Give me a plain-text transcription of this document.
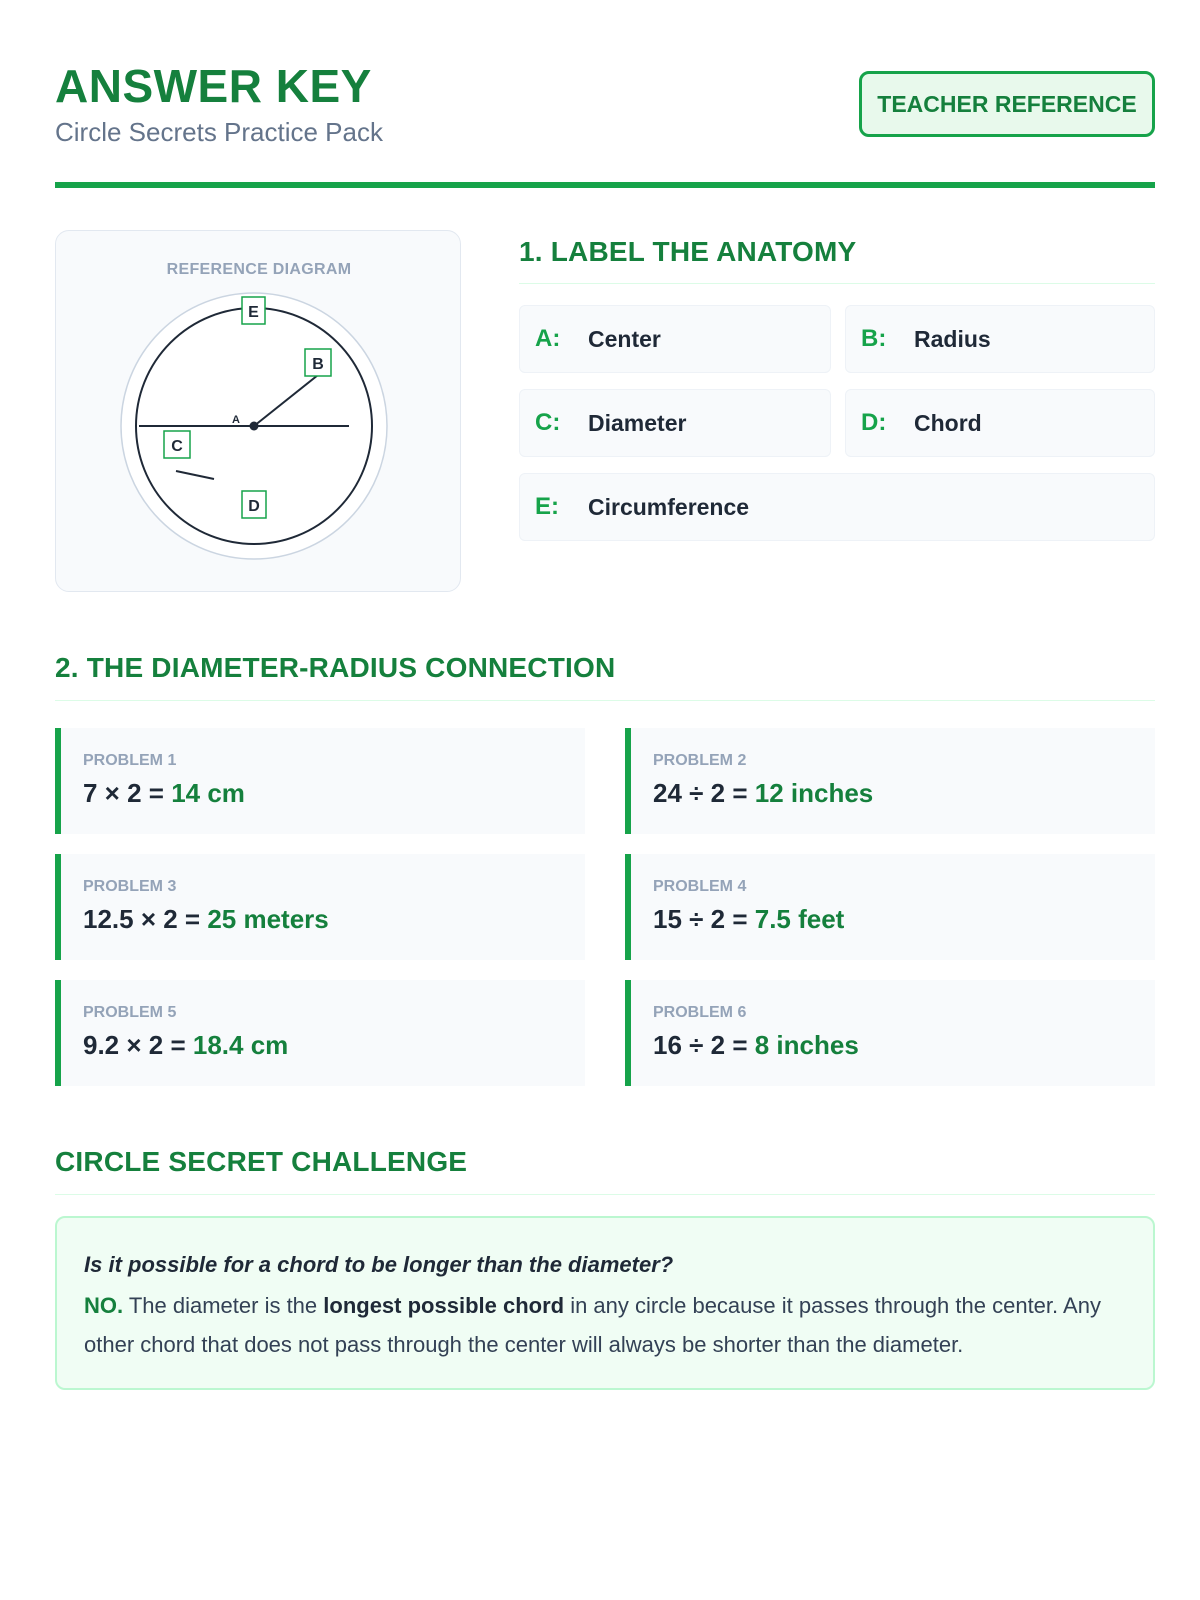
ANSWER KEY
Circle Secrets Practice Pack
TEACHER REFERENCE
REFERENCE DIAGRAM
A
E
B
C
D
1. LABEL THE ANATOMY
A: Center	B: Radius
C: Diameter	D: Chord
E: Circumference
2. THE DIAMETER-RADIUS CONNECTION
PROBLEM 1
7 × 2 = 14 cm
PROBLEM 2
24 ÷ 2 = 12 inches
PROBLEM 3
12.5 × 2 = 25 meters
PROBLEM 4
15 ÷ 2 = 7.5 feet
PROBLEM 5
9.2 × 2 = 18.4 cm
PROBLEM 6
16 ÷ 2 = 8 inches
CIRCLE SECRET CHALLENGE
Is it possible for a chord to be longer than the diameter?
NO. The diameter is the longest possible chord in any circle because it passes through the center. Any other chord that does not pass through the center will always be shorter than the diameter.
